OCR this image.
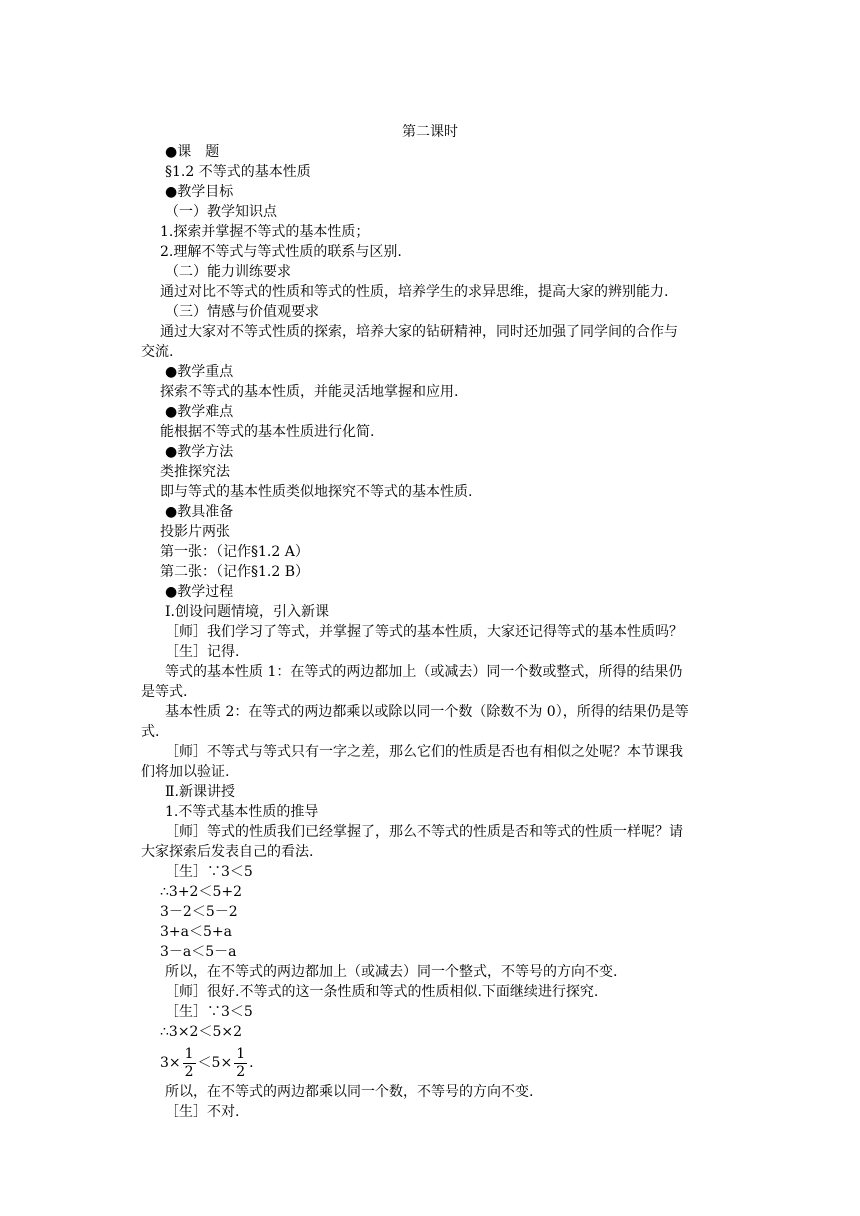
第二课时
●课　题
§1.2 不等式的基本性质
●教学目标
（一）教学知识点
1.探索并掌握不等式的基本性质；
2.理解不等式与等式性质的联系与区别.
（二）能力训练要求
通过对比不等式的性质和等式的性质，培养学生的求异思维，提高大家的辨别能力.
（三）情感与价值观要求
通过大家对不等式性质的探索，培养大家的钻研精神，同时还加强了同学间的合作与
交流.
●教学重点
探索不等式的基本性质，并能灵活地掌握和应用.
●教学难点
能根据不等式的基本性质进行化简.
●教学方法
类推探究法
即与等式的基本性质类似地探究不等式的基本性质.
●教具准备
投影片两张
第一张：（记作§1.2 A）
第二张：（记作§1.2 B）
●教学过程
Ⅰ.创设问题情境，引入新课
［师］我们学习了等式，并掌握了等式的基本性质，大家还记得等式的基本性质吗？
［生］记得.
等式的基本性质 1：在等式的两边都加上（或减去）同一个数或整式，所得的结果仍
是等式.
基本性质 2：在等式的两边都乘以或除以同一个数（除数不为 0），所得的结果仍是等
式.
［师］不等式与等式只有一字之差，那么它们的性质是否也有相似之处呢？本节课我
们将加以验证.
Ⅱ.新课讲授
1.不等式基本性质的推导
［师］等式的性质我们已经掌握了，那么不等式的性质是否和等式的性质一样呢？请
大家探索后发表自己的看法.
［生］∵3＜5
∴3+2＜5+2
3－2＜5－2
3+a＜5+a
3－a＜5－a
所以，在不等式的两边都加上（或减去）同一个整式，不等号的方向不变.
［师］很好.不等式的这一条性质和等式的性质相似.下面继续进行探究.
［生］∵3＜5
∴3×2＜5×2
$3\times \frac{1}{2} <5\times \frac{1}{2}$ .
所以，在不等式的两边都乘以同一个数，不等号的方向不变.
［生］不对.
